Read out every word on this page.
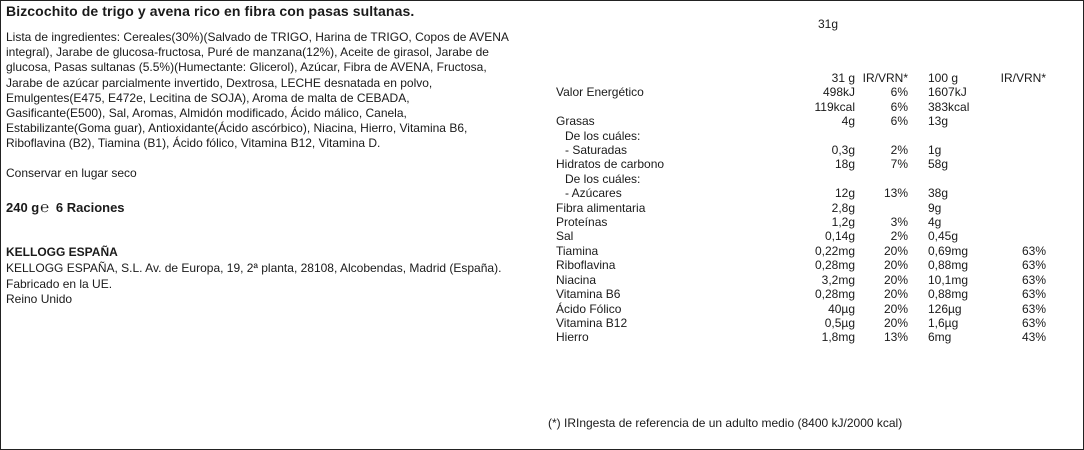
Bizcochito de trigo y avena rico en fibra con pasas sultanas.
Lista de ingredientes: Cereales(30%)(Salvado de TRIGO, Harina de TRIGO, Copos de AVENA
integral), Jarabe de glucosa-fructosa, Puré de manzana(12%), Aceite de girasol, Jarabe de
glucosa, Pasas sultanas (5.5%)(Humectante: Glicerol), Azúcar, Fibra de AVENA, Fructosa,
Jarabe de azúcar parcialmente invertido, Dextrosa, LECHE desnatada en polvo,
Emulgentes(E475, E472e, Lecitina de SOJA), Aroma de malta de CEBADA,
Gasificante(E500), Sal, Aromas, Almidón modificado, Ácido málico, Canela,
Estabilizante(Goma guar), Antioxidante(Ácido ascórbico), Niacina, Hierro, Vitamina B6,
Riboflavina (B2), Tiamina (B1), Ácido fólico, Vitamina B12, Vitamina D.
Conservar en lugar seco
240 g℮ 6 Raciones
KELLOGG ESPAÑA
KELLOGG ESPAÑA, S.L. Av. de Europa, 19, 2ª planta, 28108, Alcobendas, Madrid (España).
Fabricado en la UE.
Reino Unido
31g
	31 g	IR/VRN*	100 g	IR/VRN*
Valor Energético	498kJ	6%	1607kJ	
	119kcal	6%	383kcal	
Grasas	4g	6%	13g	
De los cuáles:				
- Saturadas	0,3g	2%	1g	
Hidratos de carbono	18g	7%	58g	
De los cuáles:				
- Azúcares	12g	13%	38g	
Fibra alimentaria	2,8g		9g	
Proteínas	1,2g	3%	4g	
Sal	0,14g	2%	0,45g	
Tiamina	0,22mg	20%	0,69mg	63%
Riboflavina	0,28mg	20%	0,88mg	63%
Niacina	3,2mg	20%	10,1mg	63%
Vitamina B6	0,28mg	20%	0,88mg	63%
Ácido Fólico	40µg	20%	126µg	63%
Vitamina B12	0,5µg	20%	1,6µg	63%
Hierro	1,8mg	13%	6mg	43%
(*) IRIngesta de referencia de un adulto medio (8400 kJ/2000 kcal)
